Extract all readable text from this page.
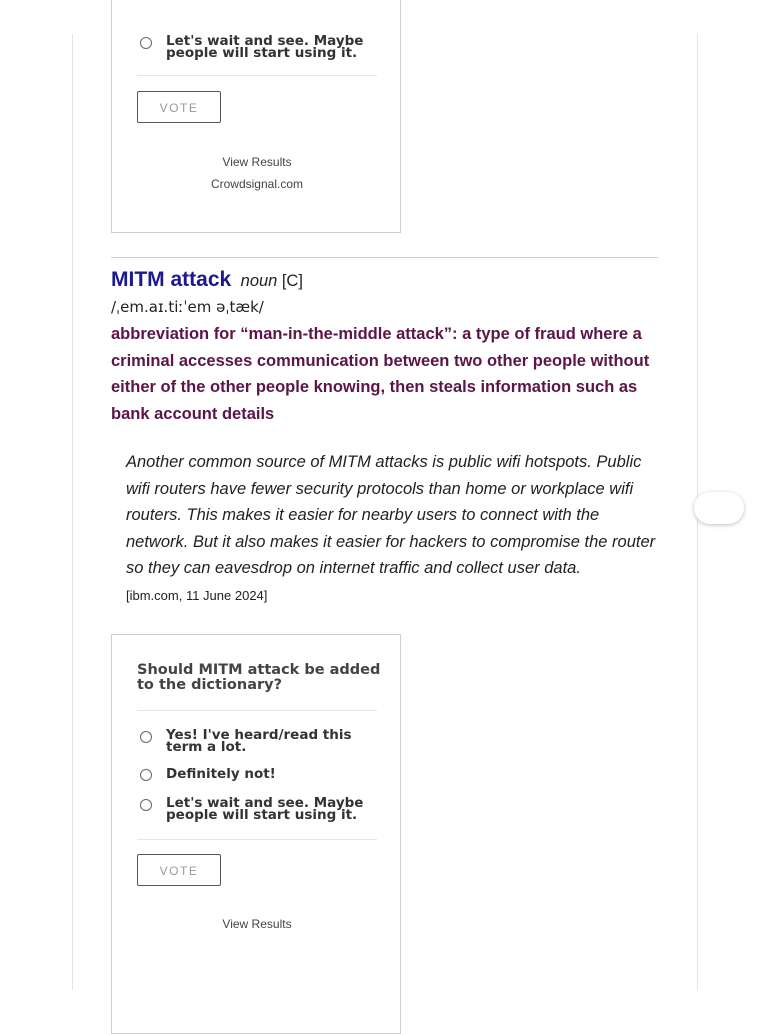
Let's wait and see. Maybe people will start using it.
VOTE
View Results
Crowdsignal.com
MITM attack noun [C]
/ˌem.aɪ.tiːˈem əˌtæk/
abbreviation for “man-in-the-middle attack”: a type of fraud where a criminal accesses communication between two other people without either of the other people knowing, then steals information such as bank account details
Another common source of MITM attacks is public wifi hotspots. Public wifi routers have fewer security protocols than home or workplace wifi routers. This makes it easier for nearby users to connect with the network. But it also makes it easier for hackers to compromise the router so they can eavesdrop on internet traffic and collect user data.
[ibm.com, 11 June 2024]
Should MITM attack be added to the dictionary?
Yes! I've heard/read this term a lot.
Definitely not!
Let's wait and see. Maybe people will start using it.
VOTE
View Results
